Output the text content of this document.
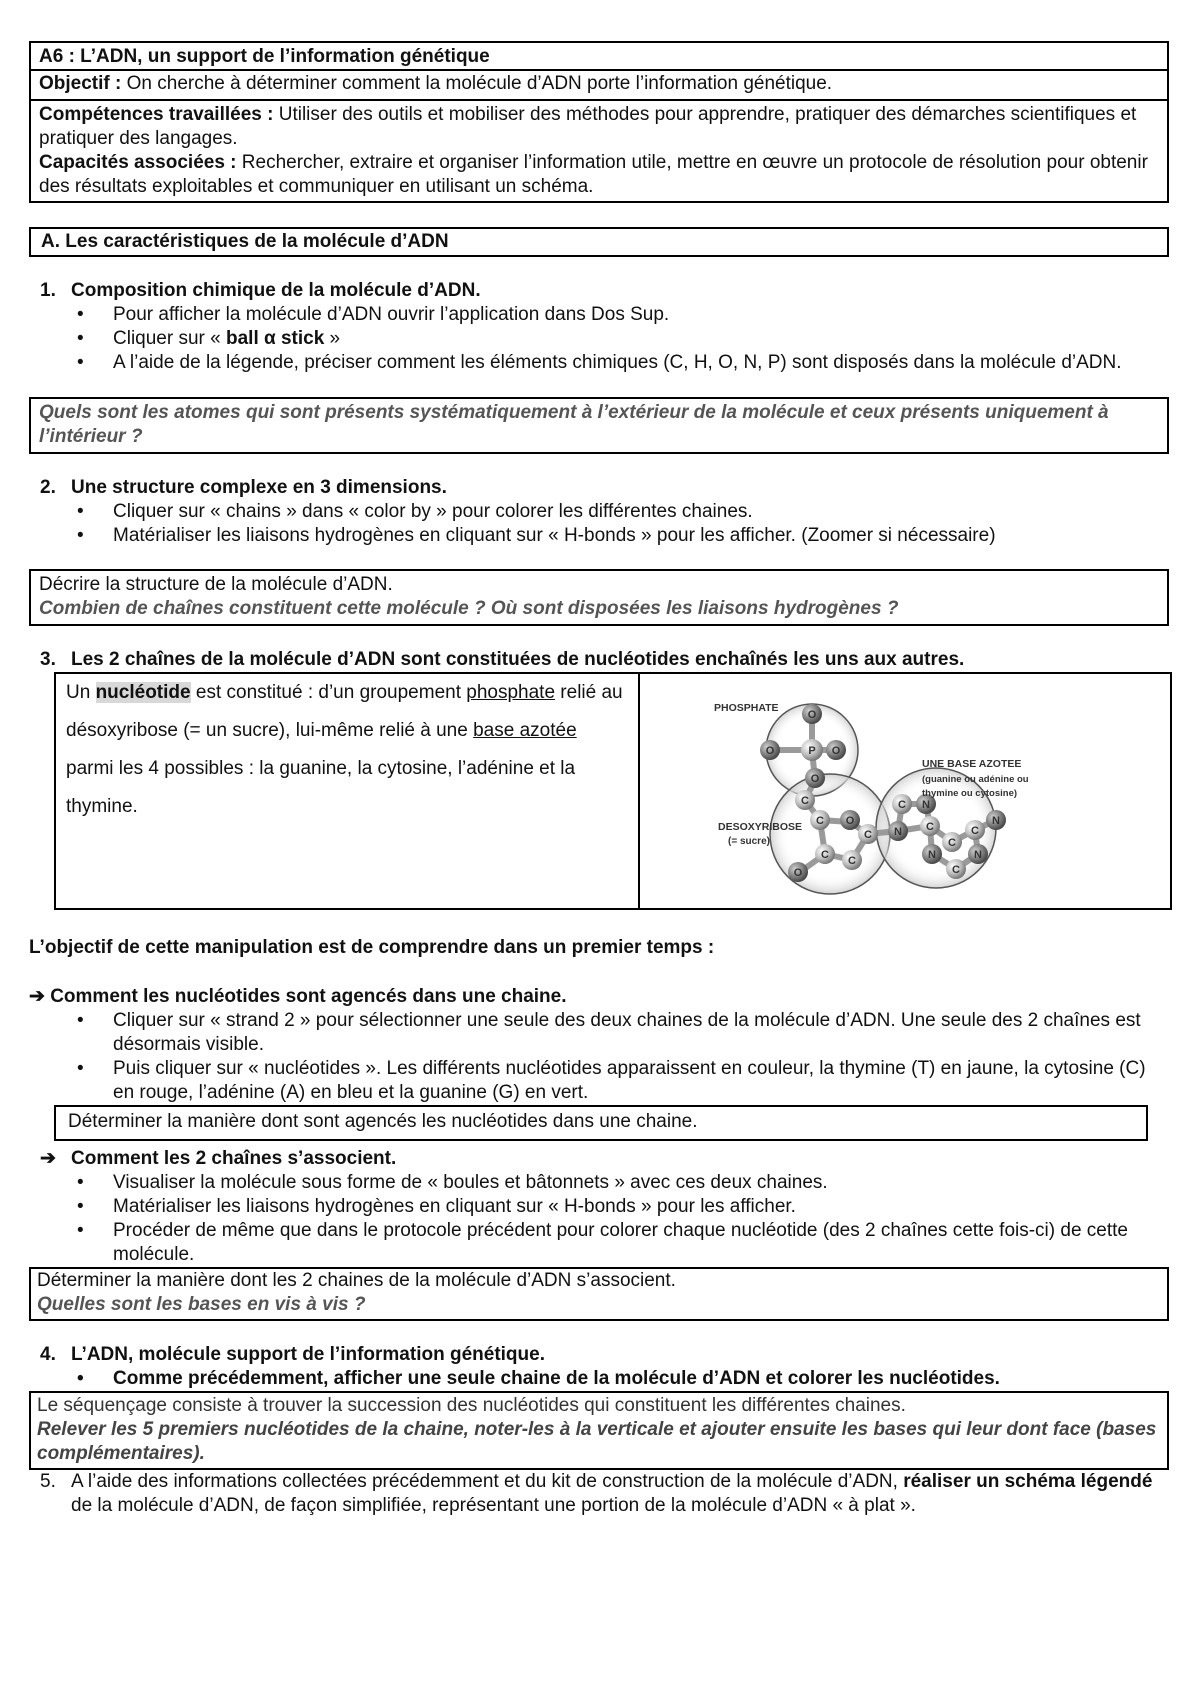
A6 : L’ADN, un support de l’information génétique
Objectif : On cherche à déterminer comment la molécule d’ADN porte l’information génétique.
Compétences travaillées : Utiliser des outils et mobiliser des méthodes pour apprendre, pratiquer des démarches scientifiques et pratiquer des langages.
Capacités associées : Rechercher, extraire et organiser l’information utile, mettre en œuvre un protocole de résolution pour obtenir des résultats exploitables et communiquer en utilisant un schéma.
A. Les caractéristiques de la molécule d’ADN
1. Composition chimique de la molécule d’ADN.
• Pour afficher la molécule d’ADN ouvrir l’application dans Dos Sup.
• Cliquer sur « ball α stick »
• A l’aide de la légende, préciser comment les éléments chimiques (C, H, O, N, P) sont disposés dans la molécule d’ADN.
Quels sont les atomes qui sont présents systématiquement à l’extérieur de la molécule et ceux présents uniquement à l’intérieur ?
2. Une structure complexe en 3 dimensions.
• Cliquer sur « chains » dans « color by » pour colorer les différentes chaines.
• Matérialiser les liaisons hydrogènes en cliquant sur « H-bonds » pour les afficher. (Zoomer si nécessaire)
Décrire la structure de la molécule d’ADN.
Combien de chaînes constituent cette molécule ? Où sont disposées les liaisons hydrogènes ?
3. Les 2 chaînes de la molécule d’ADN sont constituées de nucléotides enchaînés les uns aux autres.
Un nucléotide est constitué : d’un groupement phosphate relié au désoxyribose (= un sucre), lui-même relié à une base azotée parmi les 4 possibles : la guanine, la cytosine, l’adénine et la thymine.	
O
O	P O
O
C
C O
C
C C
O
N
C N
C
C
N
C
N
C
N
PHOSPHATE
DESOXYRIBOSE
(= sucre)
UNE BASE AZOTEE
(guanine ou adénine ou
thymine ou cytosine)
L’objectif de cette manipulation est de comprendre dans un premier temps :
➔ Comment les nucléotides sont agencés dans une chaine.
• Cliquer sur « strand 2 » pour sélectionner une seule des deux chaines de la molécule d’ADN. Une seule des 2 chaînes est désormais visible.
• Puis cliquer sur « nucléotides ». Les différents nucléotides apparaissent en couleur, la thymine (T) en jaune, la cytosine (C) en rouge, l’adénine (A) en bleu et la guanine (G) en vert.
Déterminer la manière dont sont agencés les nucléotides dans une chaine.
➔ Comment les 2 chaînes s’associent.
• Visualiser la molécule sous forme de « boules et bâtonnets » avec ces deux chaines.
• Matérialiser les liaisons hydrogènes en cliquant sur « H-bonds » pour les afficher.
• Procéder de même que dans le protocole précédent pour colorer chaque nucléotide (des 2 chaînes cette fois-ci) de cette molécule.
Déterminer la manière dont les 2 chaines de la molécule d’ADN s’associent.
Quelles sont les bases en vis à vis ?
4. L’ADN, molécule support de l’information génétique.
• Comme précédemment, afficher une seule chaine de la molécule d’ADN et colorer les nucléotides.
Le séquençage consiste à trouver la succession des nucléotides qui constituent les différentes chaines.
Relever les 5 premiers nucléotides de la chaine, noter-les à la verticale et ajouter ensuite les bases qui leur dont face (bases complémentaires).
5. A l’aide des informations collectées précédemment et du kit de construction de la molécule d’ADN, réaliser un schéma légendé de la molécule d’ADN, de façon simplifiée, représentant une portion de la molécule d’ADN « à plat ».
